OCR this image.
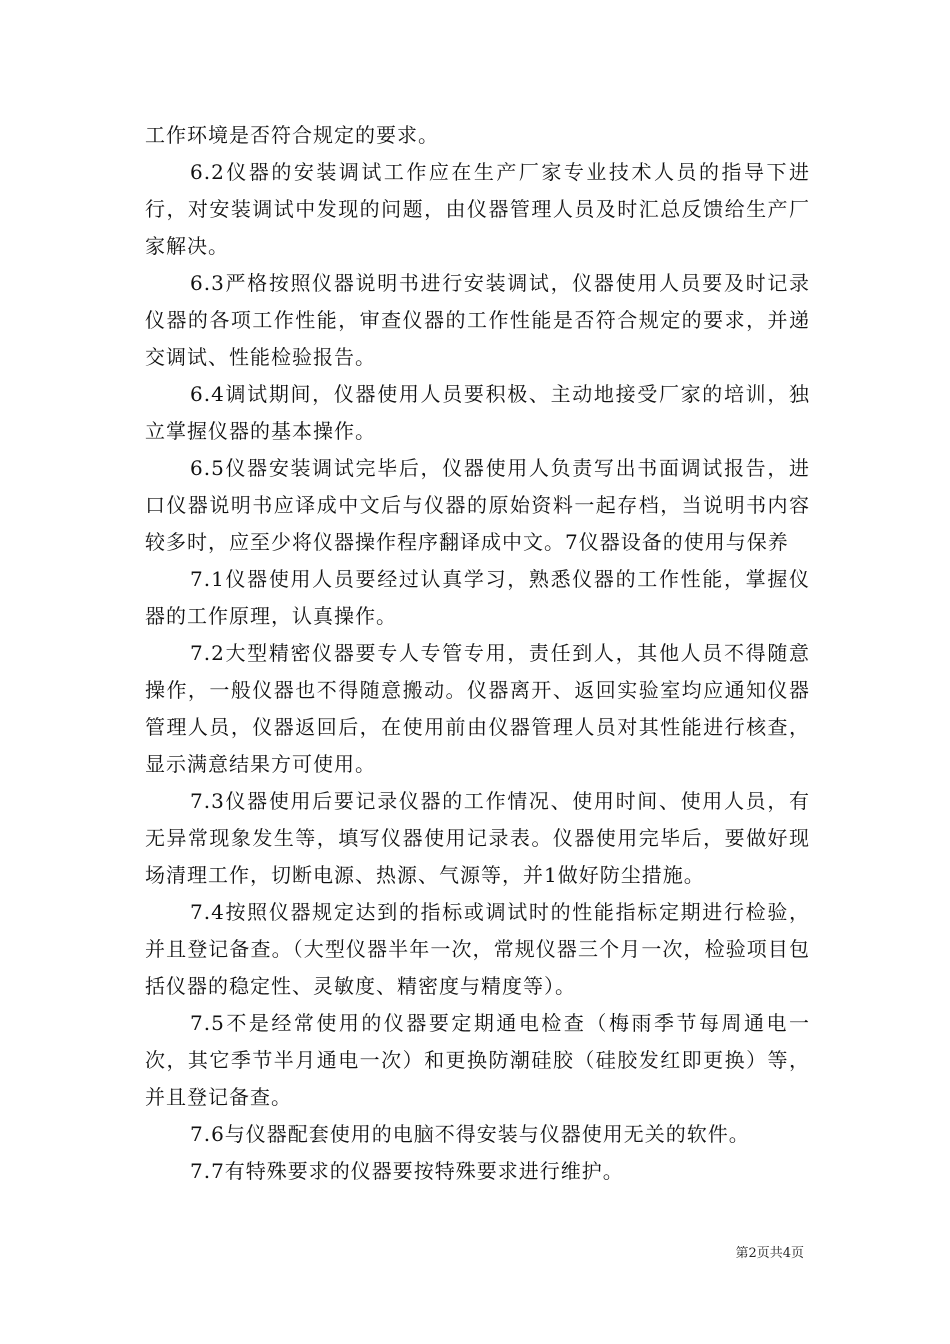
工作环境是否符合规定的要求。

6.2仪器的安装调试工作应在生产厂家专业技术人员的指导下进行，对安装调试中发现的问题，由仪器管理人员及时汇总反馈给生产厂家解决。

6.3严格按照仪器说明书进行安装调试，仪器使用人员要及时记录仪器的各项工作性能，审查仪器的工作性能是否符合规定的要求，并递交调试、性能检验报告。

6.4调试期间，仪器使用人员要积极、主动地接受厂家的培训，独立掌握仪器的基本操作。

6.5仪器安装调试完毕后，仪器使用人负责写出书面调试报告，进口仪器说明书应译成中文后与仪器的原始资料一起存档，当说明书内容较多时，应至少将仪器操作程序翻译成中文。7仪器设备的使用与保养

7.1仪器使用人员要经过认真学习，熟悉仪器的工作性能，掌握仪器的工作原理，认真操作。

7.2大型精密仪器要专人专管专用，责任到人，其他人员不得随意操作，一般仪器也不得随意搬动。仪器离开、返回实验室均应通知仪器管理人员，仪器返回后，在使用前由仪器管理人员对其性能进行核查，显示满意结果方可使用。

7.3仪器使用后要记录仪器的工作情况、使用时间、使用人员，有无异常现象发生等，填写仪器使用记录表。仪器使用完毕后，要做好现场清理工作，切断电源、热源、气源等，并1做好防尘措施。

7.4按照仪器规定达到的指标或调试时的性能指标定期进行检验，并且登记备查。（大型仪器半年一次，常规仪器三个月一次，检验项目包括仪器的稳定性、灵敏度、精密度与精度等）。

7.5不是经常使用的仪器要定期通电检查（梅雨季节每周通电一次，其它季节半月通电一次）和更换防潮硅胶（硅胶发红即更换）等，并且登记备查。

7.6与仪器配套使用的电脑不得安装与仪器使用无关的软件。

7.7有特殊要求的仪器要按特殊要求进行维护。

第2页共4页
